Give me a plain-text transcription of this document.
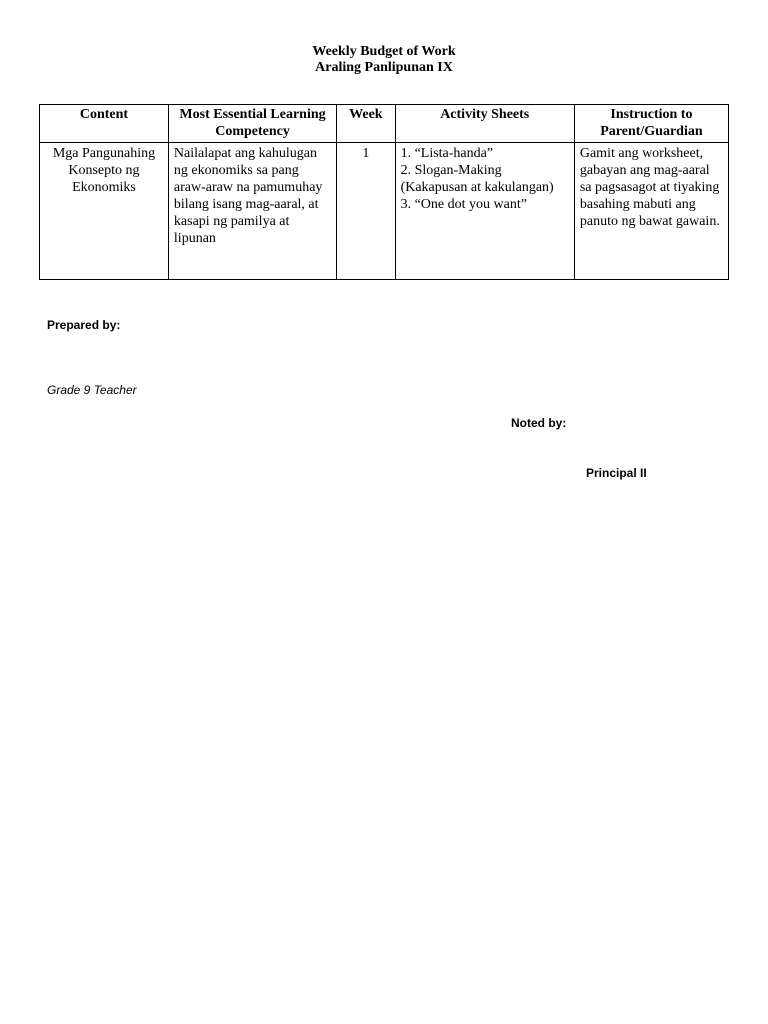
Weekly Budget of Work
Araling Panlipunan IX
Content	Most Essential Learning Competency	Week	Activity Sheets	Instruction to Parent/Guardian
Mga Pangunahing Konsepto ng Ekonomiks	Nailalapat ang kahulugan ng ekonomiks sa pang araw-araw na pamumuhay bilang isang mag-aaral, at kasapi ng pamilya at lipunan	1	1. “Lista-handa”
2. Slogan-Making (Kakapusan at kakulangan)
3. “One dot you want”	Gamit ang worksheet, gabayan ang mag-aaral sa pagsasagot at tiyaking basahing mabuti ang panuto ng bawat gawain.
Prepared by:
Grade 9 Teacher
Noted by:
Principal II
